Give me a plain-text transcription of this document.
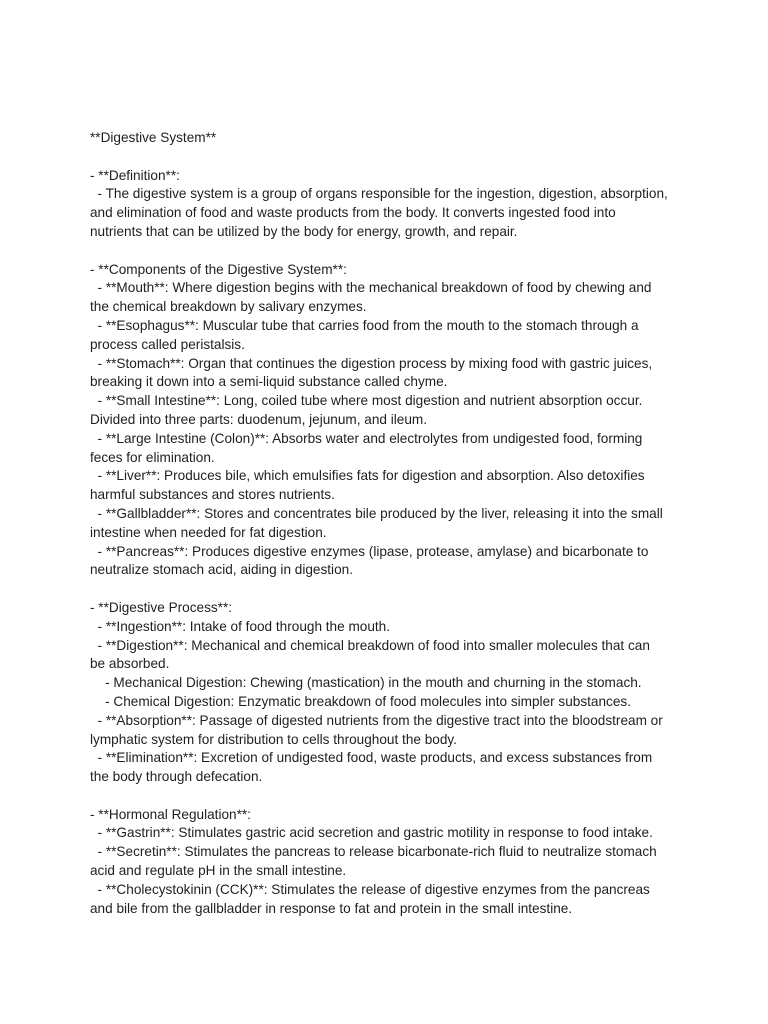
**Digestive System**
- **Definition**:
- The digestive system is a group of organs responsible for the ingestion, digestion, absorption,
and elimination of food and waste products from the body. It converts ingested food into
nutrients that can be utilized by the body for energy, growth, and repair.
- **Components of the Digestive System**:
- **Mouth**: Where digestion begins with the mechanical breakdown of food by chewing and
the chemical breakdown by salivary enzymes.
- **Esophagus**: Muscular tube that carries food from the mouth to the stomach through a
process called peristalsis.
- **Stomach**: Organ that continues the digestion process by mixing food with gastric juices,
breaking it down into a semi-liquid substance called chyme.
- **Small Intestine**: Long, coiled tube where most digestion and nutrient absorption occur.
Divided into three parts: duodenum, jejunum, and ileum.
- **Large Intestine (Colon)**: Absorbs water and electrolytes from undigested food, forming
feces for elimination.
- **Liver**: Produces bile, which emulsifies fats for digestion and absorption. Also detoxifies
harmful substances and stores nutrients.
- **Gallbladder**: Stores and concentrates bile produced by the liver, releasing it into the small
intestine when needed for fat digestion.
- **Pancreas**: Produces digestive enzymes (lipase, protease, amylase) and bicarbonate to
neutralize stomach acid, aiding in digestion.
- **Digestive Process**:
- **Ingestion**: Intake of food through the mouth.
- **Digestion**: Mechanical and chemical breakdown of food into smaller molecules that can
be absorbed.
- Mechanical Digestion: Chewing (mastication) in the mouth and churning in the stomach.
- Chemical Digestion: Enzymatic breakdown of food molecules into simpler substances.
- **Absorption**: Passage of digested nutrients from the digestive tract into the bloodstream or
lymphatic system for distribution to cells throughout the body.
- **Elimination**: Excretion of undigested food, waste products, and excess substances from
the body through defecation.
- **Hormonal Regulation**:
- **Gastrin**: Stimulates gastric acid secretion and gastric motility in response to food intake.
- **Secretin**: Stimulates the pancreas to release bicarbonate-rich fluid to neutralize stomach
acid and regulate pH in the small intestine.
- **Cholecystokinin (CCK)**: Stimulates the release of digestive enzymes from the pancreas
and bile from the gallbladder in response to fat and protein in the small intestine.
